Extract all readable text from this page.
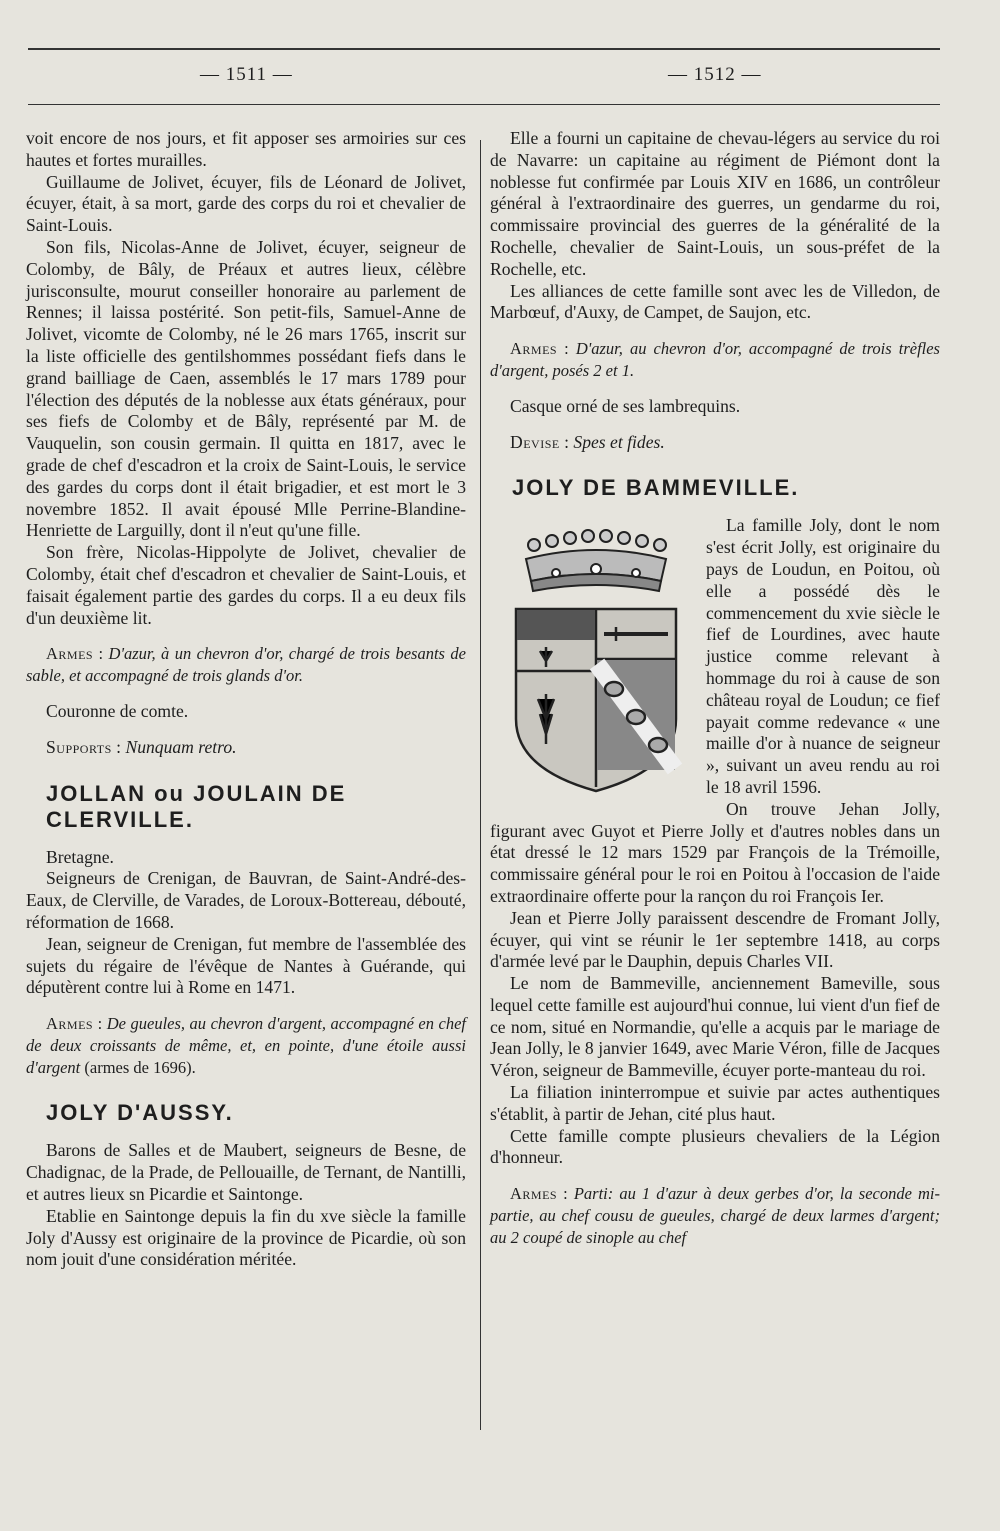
— 1511 —	— 1512 —

voit encore de nos jours, et fit apposer ses armoiries sur ces hautes et fortes murailles.

Guillaume de Jolivet, écuyer, fils de Léonard de Jolivet, écuyer, était, à sa mort, garde des corps du roi et chevalier de Saint-Louis.

Son fils, Nicolas-Anne de Jolivet, écuyer, seigneur de Colomby, de Bâly, de Préaux et autres lieux, célèbre jurisconsulte, mourut conseiller honoraire au parlement de Rennes; il laissa postérité. Son petit-fils, Samuel-Anne de Jolivet, vicomte de Colomby, né le 26 mars 1765, inscrit sur la liste officielle des gentilshommes possédant fiefs dans le grand bailliage de Caen, assemblés le 17 mars 1789 pour l'élection des députés de la noblesse aux états généraux, pour ses fiefs de Colomby et de Bâly, représenté par M. de Vauquelin, son cousin germain. Il quitta en 1817, avec le grade de chef d'escadron et la croix de Saint-Louis, le service des gardes du corps dont il était brigadier, et est mort le 3 novembre 1852. Il avait épousé Mlle Perrine-Blandine-Henriette de Larguilly, dont il n'eut qu'une fille.

Son frère, Nicolas-Hippolyte de Jolivet, chevalier de Colomby, était chef d'escadron et chevalier de Saint-Louis, et faisait également partie des gardes du corps. Il a eu deux fils d'un deuxième lit.

Armes : D'azur, à un chevron d'or, chargé de trois besants de sable, et accompagné de trois glands d'or.

Couronne de comte.

Supports : Nunquam retro.

JOLLAN ou JOULAIN DE CLERVILLE.

Bretagne.

Seigneurs de Crenigan, de Bauvran, de Saint-André-des-Eaux, de Clerville, de Varades, de Loroux-Bottereau, débouté, réformation de 1668.

Jean, seigneur de Crenigan, fut membre de l'assemblée des sujets du régaire de l'évêque de Nantes à Guérande, qui députèrent contre lui à Rome en 1471.

Armes : De gueules, au chevron d'argent, accompagné en chef de deux croissants de même, et, en pointe, d'une étoile aussi d'argent (armes de 1696).

JOLY D'AUSSY.

Barons de Salles et de Maubert, seigneurs de Besne, de Chadignac, de la Prade, de Pellouaille, de Ternant, de Nantilli, et autres lieux sn Picardie et Saintonge.

Etablie en Saintonge depuis la fin du xve siècle la famille Joly d'Aussy est originaire de la province de Picardie, où son nom jouit d'une considération méritée.

Elle a fourni un capitaine de chevau-légers au service du roi de Navarre: un capitaine au régiment de Piémont dont la noblesse fut confirmée par Louis XIV en 1686, un contrôleur général à l'extraordinaire des guerres, un gendarme du roi, commissaire provincial des guerres de la généralité de la Rochelle, chevalier de Saint-Louis, un sous-préfet de la Rochelle, etc.

Les alliances de cette famille sont avec les de Villedon, de Marbœuf, d'Auxy, de Campet, de Saujon, etc.

Armes : D'azur, au chevron d'or, accompagné de trois trèfles d'argent, posés 2 et 1.

Casque orné de ses lambrequins.

Devise : Spes et fides.

JOLY DE BAMMEVILLE.

La famille Joly, dont le nom s'est écrit Jolly, est originaire du pays de Loudun, en Poitou, où elle a possédé dès le commencement du xvie siècle le fief de Lourdines, avec haute justice comme relevant à hommage du roi à cause de son château royal de Loudun; ce fief payait comme redevance « une maille d'or à nuance de seigneur », suivant un aveu rendu au roi le 18 avril 1596.

On trouve Jehan Jolly, figurant avec Guyot et Pierre Jolly et d'autres nobles dans un état dressé le 12 mars 1529 par François de la Trémoille, commissaire général pour le roi en Poitou à l'occasion de l'aide extraordinaire offerte pour la rançon du roi François Ier.

Jean et Pierre Jolly paraissent descendre de Fromant Jolly, écuyer, qui vint se réunir le 1er septembre 1418, au corps d'armée levé par le Dauphin, depuis Charles VII.

Le nom de Bammeville, anciennement Bameville, sous lequel cette famille est aujourd'hui connue, lui vient d'un fief de ce nom, situé en Normandie, qu'elle a acquis par le mariage de Jean Jolly, le 8 janvier 1649, avec Marie Véron, fille de Jacques Véron, seigneur de Bammeville, écuyer porte-manteau du roi.

La filiation ininterrompue et suivie par actes authentiques s'établit, à partir de Jehan, cité plus haut.

Cette famille compte plusieurs chevaliers de la Légion d'honneur.

Armes : Parti: au 1 d'azur à deux gerbes d'or, la seconde mi-partie, au chef cousu de gueules, chargé de deux larmes d'argent; au 2 coupé de sinople au chef
